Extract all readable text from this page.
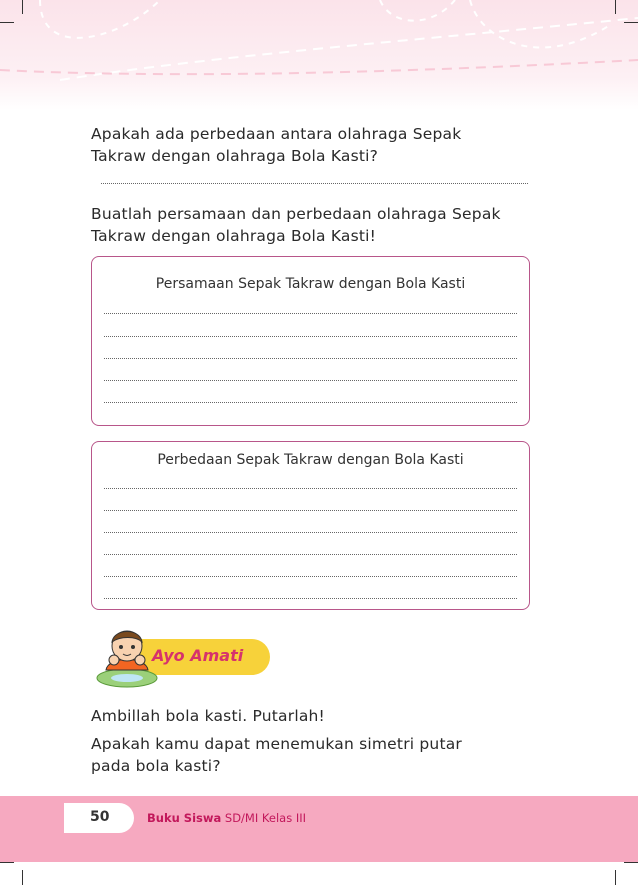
Apakah ada perbedaan antara olahraga Sepak
Takraw dengan olahraga Bola Kasti?
Buatlah persamaan dan perbedaan olahraga Sepak
Takraw dengan olahraga Bola Kasti!
Persamaan Sepak Takraw dengan Bola Kasti
Perbedaan Sepak Takraw dengan Bola Kasti
Ayo Amati
Ambillah bola kasti. Putarlah!
Apakah kamu dapat menemukan simetri putar
pada bola kasti?
50	Buku Siswa SD/MI Kelas III
